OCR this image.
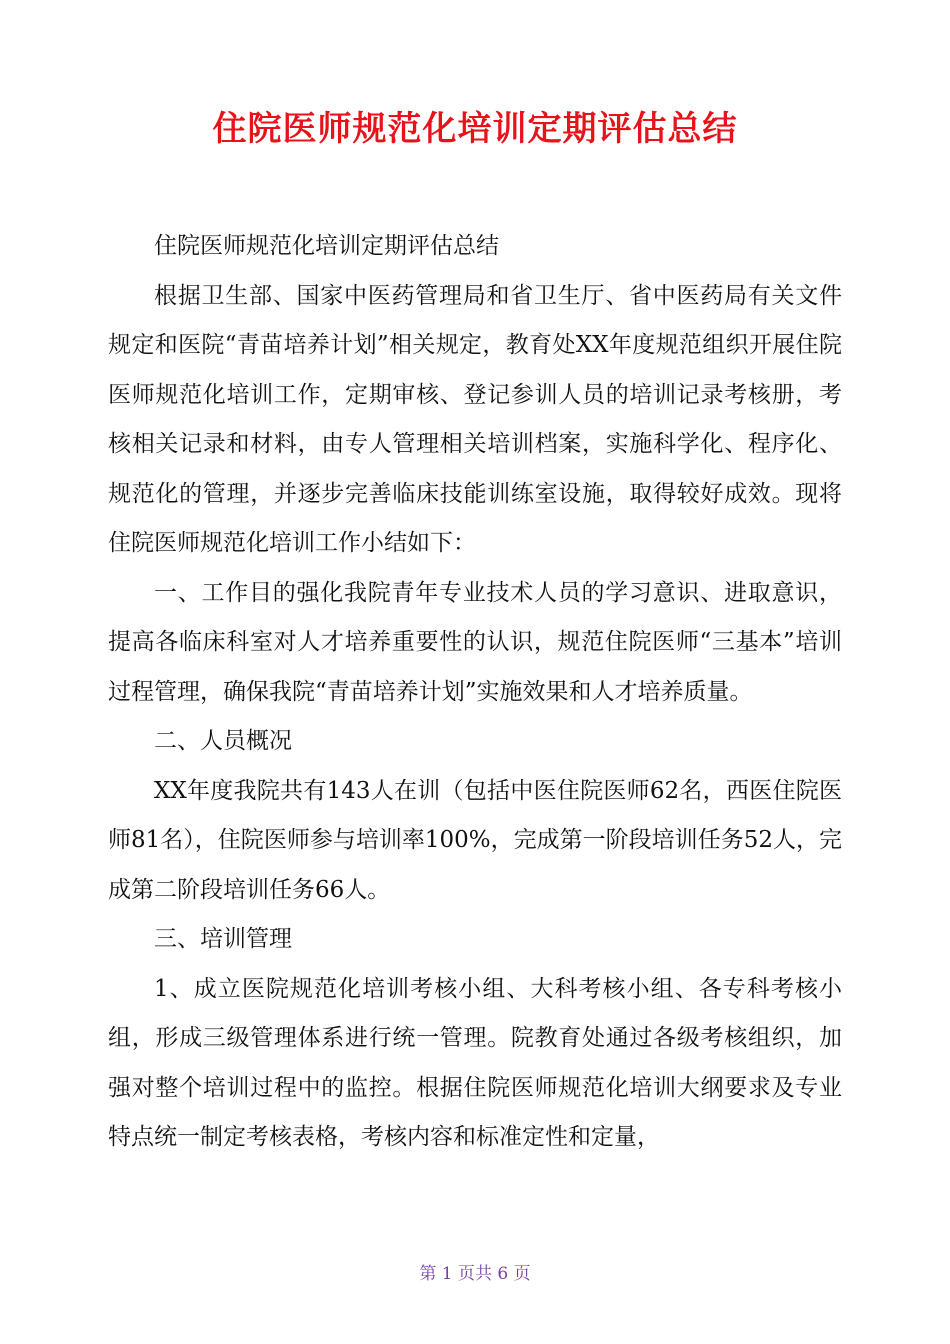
住院医师规范化培训定期评估总结

住院医师规范化培训定期评估总结

根据卫生部、国家中医药管理局和省卫生厅、省中医药局有关文件规定和医院“青苗培养计划”相关规定，教育处XX年度规范组织开展住院医师规范化培训工作，定期审核、登记参训人员的培训记录考核册，考核相关记录和材料，由专人管理相关培训档案，实施科学化、程序化、规范化的管理，并逐步完善临床技能训练室设施，取得较好成效。现将住院医师规范化培训工作小结如下：

一、工作目的强化我院青年专业技术人员的学习意识、进取意识，提高各临床科室对人才培养重要性的认识，规范住院医师“三基本”培训过程管理，确保我院“青苗培养计划”实施效果和人才培养质量。

二、人员概况

XX年度我院共有143人在训（包括中医住院医师62名，西医住院医师81名），住院医师参与培训率100%，完成第一阶段培训任务52人，完成第二阶段培训任务66人。

三、培训管理

1、成立医院规范化培训考核小组、大科考核小组、各专科考核小组，形成三级管理体系进行统一管理。院教育处通过各级考核组织，加强对整个培训过程中的监控。根据住院医师规范化培训大纲要求及专业特点统一制定考核表格，考核内容和标准定性和定量，

第 1 页共 6 页
